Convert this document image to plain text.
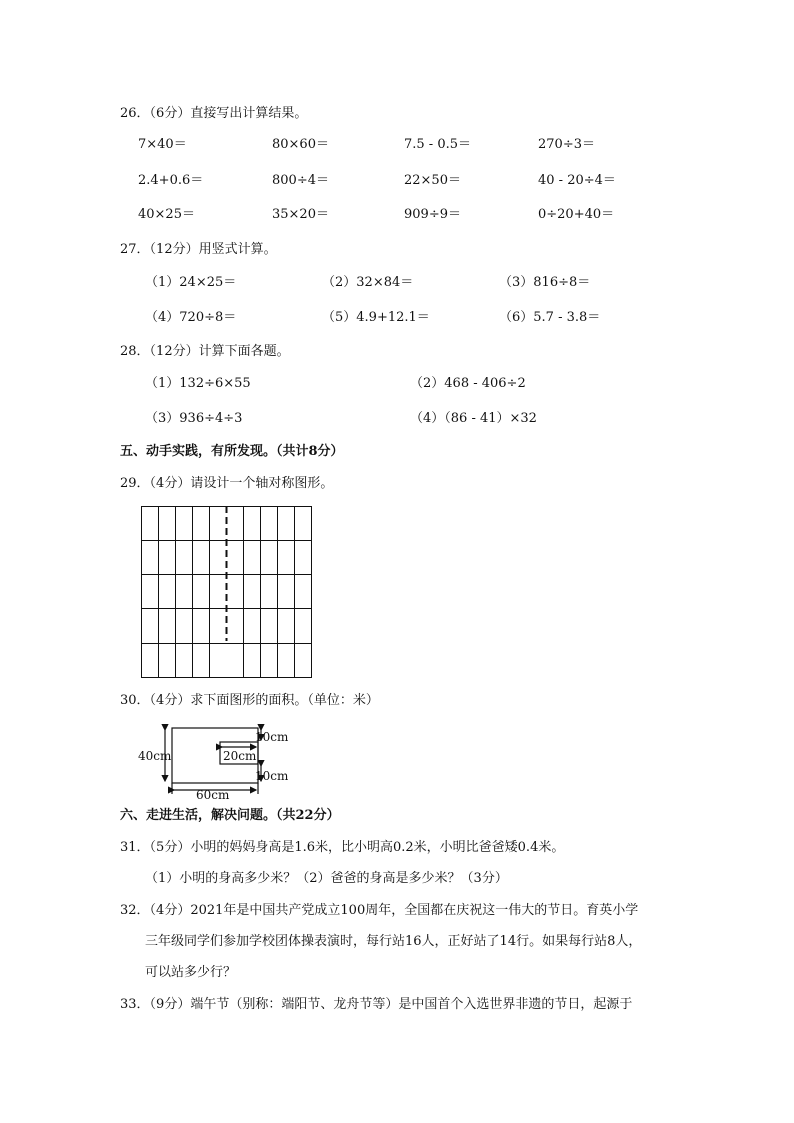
26．（6分）直接写出计算结果。
7×40＝	80×60＝	7.5 - 0.5＝	270÷3＝
2.4+0.6＝	800÷4＝	22×50＝	40 - 20÷4＝
40×25＝	35×20＝	909÷9＝	0÷20+40＝
27．（12分）用竖式计算。
（1）24×25＝	（2）32×84＝	（3）816÷8＝
（4）720÷8＝	（5）4.9+12.1＝	（6）5.7 - 3.8＝
28．（12分）计算下面各题。
（1）132÷6×55	（2）468 - 406÷2
（3）936÷4÷3	（4）（86 - 41）×32
五、动手实践，有所发现。（共计8分）
29．（4分）请设计一个轴对称图形。
30．（4分）求下面图形的面积。（单位：米）
40cm
60cm
20cm
10cm
10cm
六、走进生活，解决问题。（共22分）
31．（5分）小明的妈妈身高是1.6米，比小明高0.2米，小明比爸爸矮0.4米。
（1）小明的身高多少米？（2）爸爸的身高是多少米？（3分）
32．（4分）2021年是中国共产党成立100周年，全国都在庆祝这一伟大的节日。育英小学
三年级同学们参加学校团体操表演时，每行站16人，正好站了14行。如果每行站8人，
可以站多少行？
33．（9分）端午节（别称：端阳节、龙舟节等）是中国首个入选世界非遗的节日，起源于
